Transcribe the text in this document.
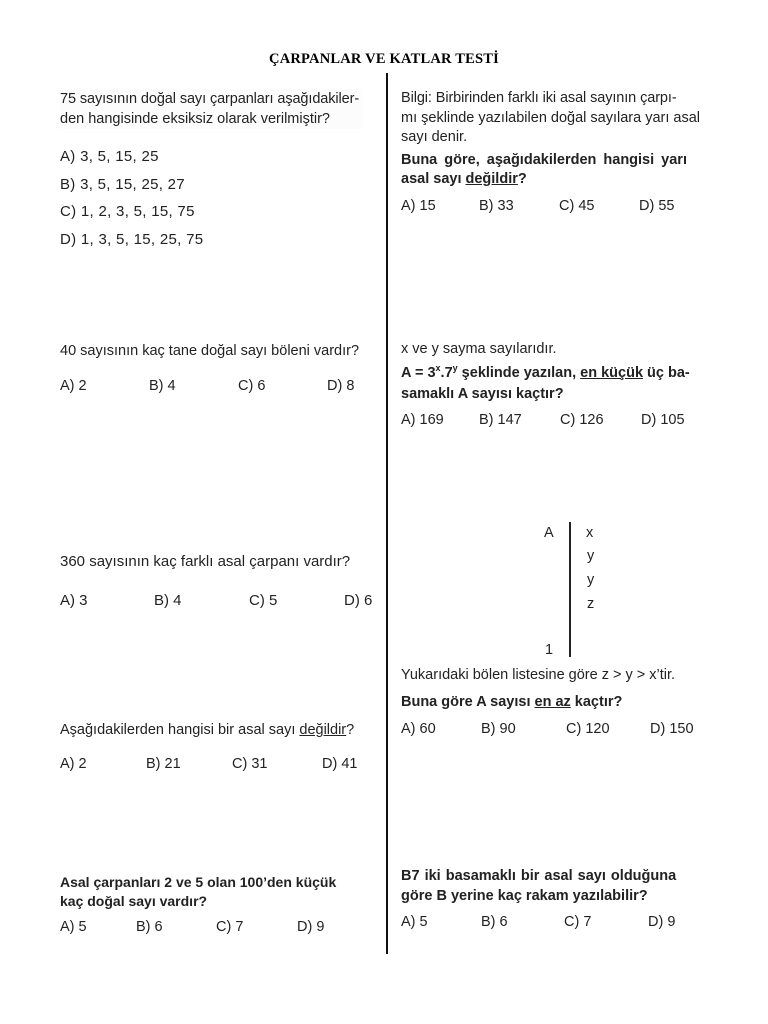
ÇARPANLAR VE KATLAR TESTİ
75 sayısının doğal sayı çarpanları aşağıdakiler-
den hangisinde eksiksiz olarak verilmiştir?
A) 3, 5, 15, 25
B) 3, 5, 15, 25, 27
C) 1, 2, 3, 5, 15, 75
D) 1, 3, 5, 15, 25, 75
40 sayısının kaç tane doğal sayı böleni vardır?
A) 2	B) 4	C) 6	D) 8
360 sayısının kaç farklı asal çarpanı vardır?
A) 3	B) 4	C) 5	D) 6
Aşağıdakilerden hangisi bir asal sayı değildir?
A) 2	B) 21	C) 31	D) 41
Asal çarpanları 2 ve 5 olan 100’den küçük
kaç doğal sayı vardır?
A) 5	B) 6	C) 7	D) 9
Bilgi: Birbirinden farklı iki asal sayının çarpı-
mı şeklinde yazılabilen doğal sayılara yarı asal
sayı denir.
Buna göre, aşağıdakilerden hangisi yarı
asal sayı değildir?
A) 15	B) 33	C) 45	D) 55
x ve y sayma sayılarıdır.
$A = 3^x.7^y$ şeklinde yazılan, en küçük üç ba-
samaklı A sayısı kaçtır?
A) 169 B) 147	C) 126	D) 105
A x
y
y
z
1
Yukarıdaki bölen listesine göre z > y > x’tir.
Buna göre A sayısı en az kaçtır?
A) 60	B) 90	C) 120	D) 150
B7 iki basamaklı bir asal sayı olduğuna
göre B yerine kaç rakam yazılabilir?
A) 5	B) 6	C) 7	D) 9
